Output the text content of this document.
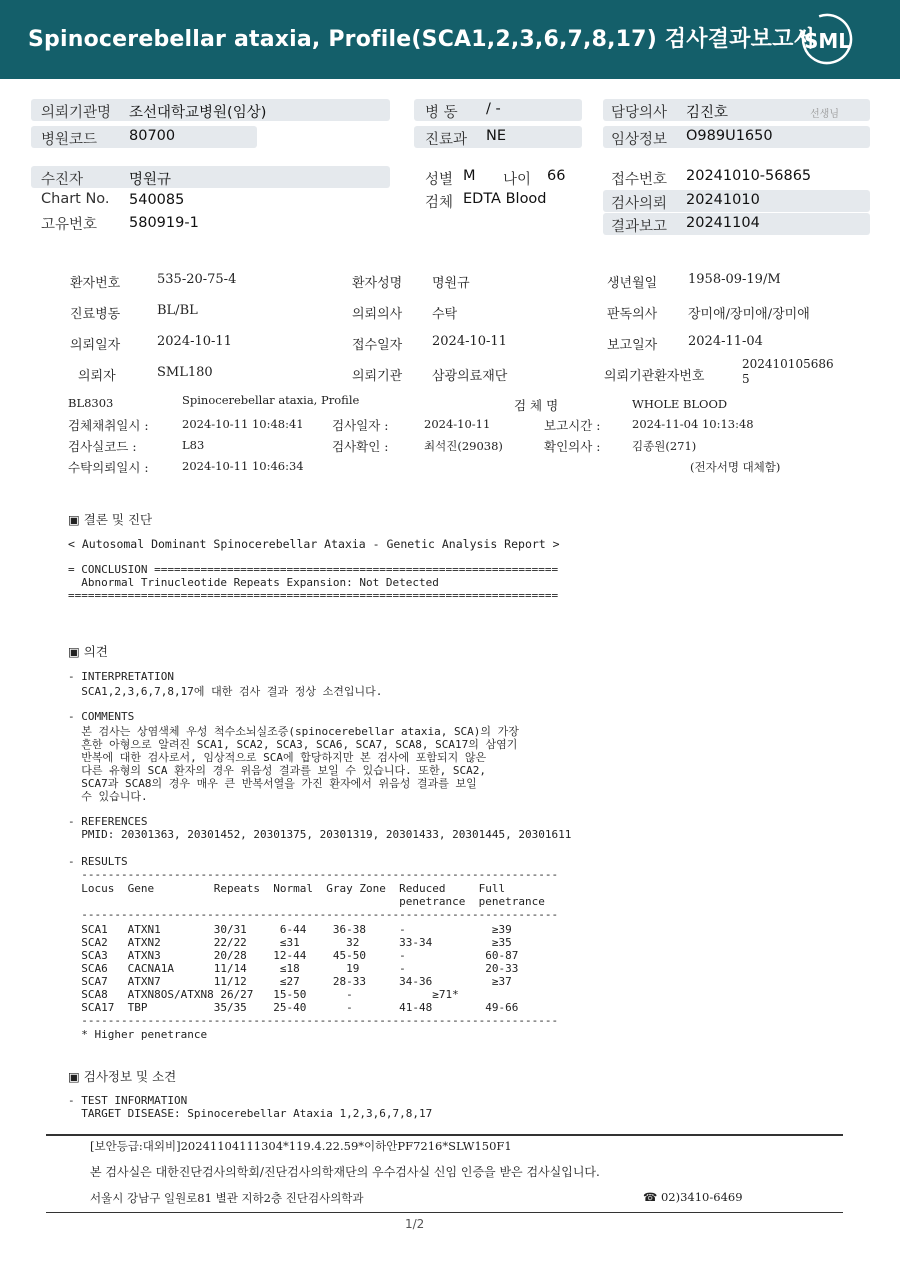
Spinocerebellar ataxia, Profile(SCA1,2,3,6,7,8,17) 검사결과보고서
SML
의뢰기관명 조선대학교병원(임상)	병 동 / -	담당의사 김진호	선생님
병원코드 80700	진료과 NE	임상정보 O989U1650
수진자	명원규	성별 M 나이 66	접수번호 20241010-56865
Chart No. 540085	검체 EDTA Blood	검사의뢰 20241010
고유번호 580919-1	결과보고 20241104
환자번호	535-20-75-4	환자성명 명원규	생년월일 1958-09-19/M
진료병동	BL/BL	의뢰의사 수탁	판독의사 장미애/장미애/장미애
의뢰일자	2024-10-11	접수일자 2024-10-11	보고일자 2024-11-04
의뢰자	SML180	의뢰기관 삼광의료재단	의뢰기관환자번호
202410105686
5
BL8303	Spinocerebellar ataxia, Profile	검 체 명	WHOLE BLOOD
검체채취일시 :	2024-10-11 10:48:41 검사일자 :	2024-10-11	보고시간 :	2024-11-04 10:13:48
검사실코드 :	L83	검사확인 :	최석진(29038)	확인의사 :	김종원(271)
수탁의뢰일시 :	2024-10-11 10:46:34	(전자서명 대체함)
▣ 결론 및 진단
< Autosomal Dominant Spinocerebellar Ataxia - Genetic Analysis Report >
= CONCLUSION =============================================================
Abnormal Trinucleotide Repeats Expansion: Not Detected
==========================================================================
▣ 의견
- INTERPRETATION
SCA1,2,3,6,7,8,17에 대한 검사 결과 정상 소견입니다.
- COMMENTS
본 검사는 상염색체 우성 척수소뇌실조증(spinocerebellar ataxia, SCA)의 가장
흔한 아형으로 알려진 SCA1, SCA2, SCA3, SCA6, SCA7, SCA8, SCA17의 삼염기
반복에 대한 검사로서, 임상적으로 SCA에 합당하지만 본 검사에 포함되지 않은
다른 유형의 SCA 환자의 경우 위음성 결과를 보일 수 있습니다. 또한, SCA2,
SCA7과 SCA8의 경우 매우 큰 반복서열을 가진 환자에서 위음성 결과를 보일
수 있습니다.
- REFERENCES
PMID: 20301363, 20301452, 20301375, 20301319, 20301433, 20301445, 20301611
- RESULTS
------------------------------------------------------------------------
Locus  Gene         Repeats  Normal  Gray Zone  Reduced     Full
penetrance  penetrance
------------------------------------------------------------------------
SCA1   ATXN1        30/31     6-44    36-38     -             ≥39
SCA2   ATXN2        22/22     ≤31       32      33-34         ≥35
SCA3   ATXN3        20/28    12-44    45-50     -            60-87
SCA6   CACNA1A      11/14     ≤18       19      -            20-33
SCA7   ATXN7        11/12     ≤27     28-33     34-36         ≥37
SCA8   ATXN8OS/ATXN8 26/27   15-50      -            ≥71*
SCA17  TBP          35/35    25-40      -       41-48        49-66
------------------------------------------------------------------------
* Higher penetrance
▣ 검사정보 및 소견
- TEST INFORMATION
TARGET DISEASE: Spinocerebellar Ataxia 1,2,3,6,7,8,17
[보안등급:대외비]20241104111304*119.4.22.59*이하안PF7216*SLW150F1
본 검사실은 대한진단검사의학회/진단검사의학재단의 우수검사실 신임 인증을 받은 검사실입니다.
서울시 강남구 일원로81 별관 지하2층 진단검사의학과	☎ 02)3410-6469
1/2
